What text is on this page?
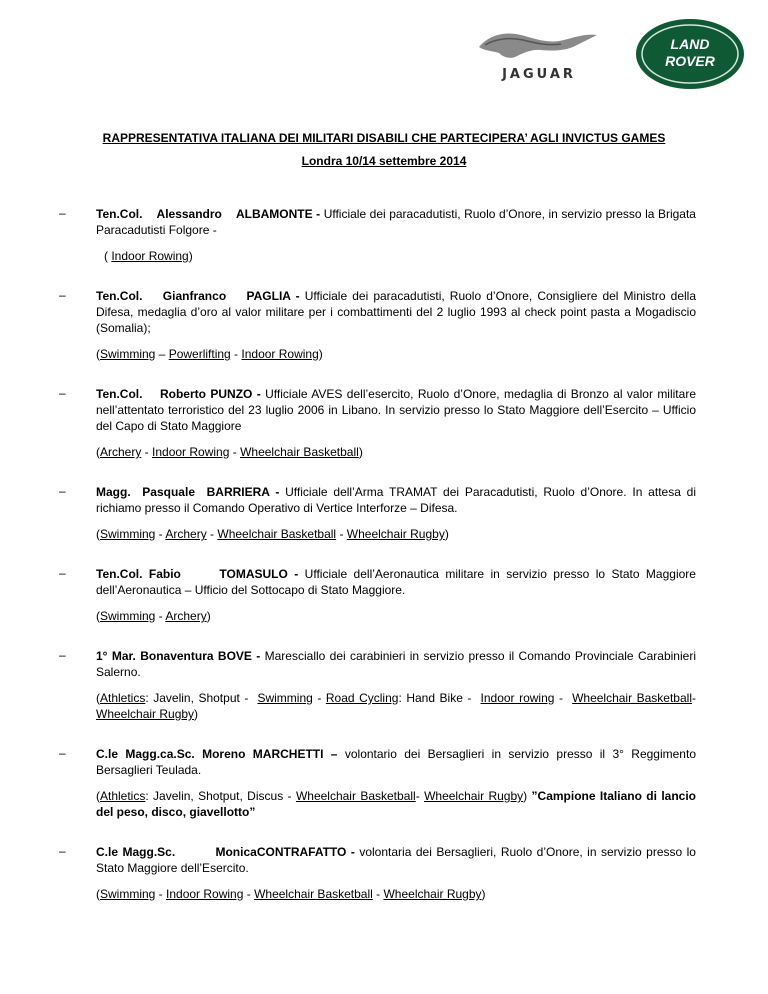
JAGUAR
LAND
ROVER
RAPPRESENTATIVA ITALIANA DEI MILITARI DISABILI CHE PARTECIPERA’ AGLI INVICTUS GAMES
Londra 10/14 settembre 2014
–	Ten.Col. Alessandro ALBAMONTE - Ufficiale dei paracadutisti, Ruolo d’Onore, in servizio presso la Brigata Paracadutisti Folgore -
( Indoor Rowing)
–	Ten.Col. Gianfranco PAGLIA - Ufficiale dei paracadutisti, Ruolo d’Onore, Consigliere del Ministro della Difesa, medaglia d’oro al valor militare per i combattimenti del 2 luglio 1993 al check point pasta a Mogadiscio (Somalia);
(Swimming – Powerlifting - Indoor Rowing)
–	Ten.Col. Roberto PUNZO - Ufficiale AVES dell’esercito, Ruolo d’Onore, medaglia di Bronzo al valor militare nell’attentato terroristico del 23 luglio 2006 in Libano. In servizio presso lo Stato Maggiore dell’Esercito – Ufficio del Capo di Stato Maggiore
(Archery - Indoor Rowing - Wheelchair Basketball)
–	Magg. Pasquale BARRIERA - Ufficiale dell’Arma TRAMAT dei Paracadutisti, Ruolo d’Onore. In attesa di richiamo presso il Comando Operativo di Vertice Interforze – Difesa.
(Swimming - Archery - Wheelchair Basketball - Wheelchair Rugby)
–	Ten.Col. Fabio	TOMASULO - Ufficiale dell’Aeronautica militare in servizio presso lo Stato Maggiore dell’Aeronautica – Ufficio del Sottocapo di Stato Maggiore.
(Swimming - Archery)
–	1° Mar. Bonaventura BOVE - Maresciallo dei carabinieri in servizio presso il Comando Provinciale Carabinieri Salerno.
(Athletics: Javelin, Shotput -  Swimming - Road Cycling: Hand Bike -  Indoor rowing -  Wheelchair Basketball- Wheelchair Rugby)
–	C.le Magg.ca.Sc. Moreno MARCHETTI – volontario dei Bersaglieri in servizio presso il 3° Reggimento Bersaglieri Teulada.
(Athletics: Javelin, Shotput, Discus - Wheelchair Basketball- Wheelchair Rugby) ”Campione Italiano di lancio del peso, disco, giavellotto”
–	C.le Magg.Sc.	MonicaCONTRAFATTO - volontaria dei Bersaglieri, Ruolo d’Onore, in servizio presso lo Stato Maggiore dell’Esercito.
(Swimming - Indoor Rowing - Wheelchair Basketball - Wheelchair Rugby)
